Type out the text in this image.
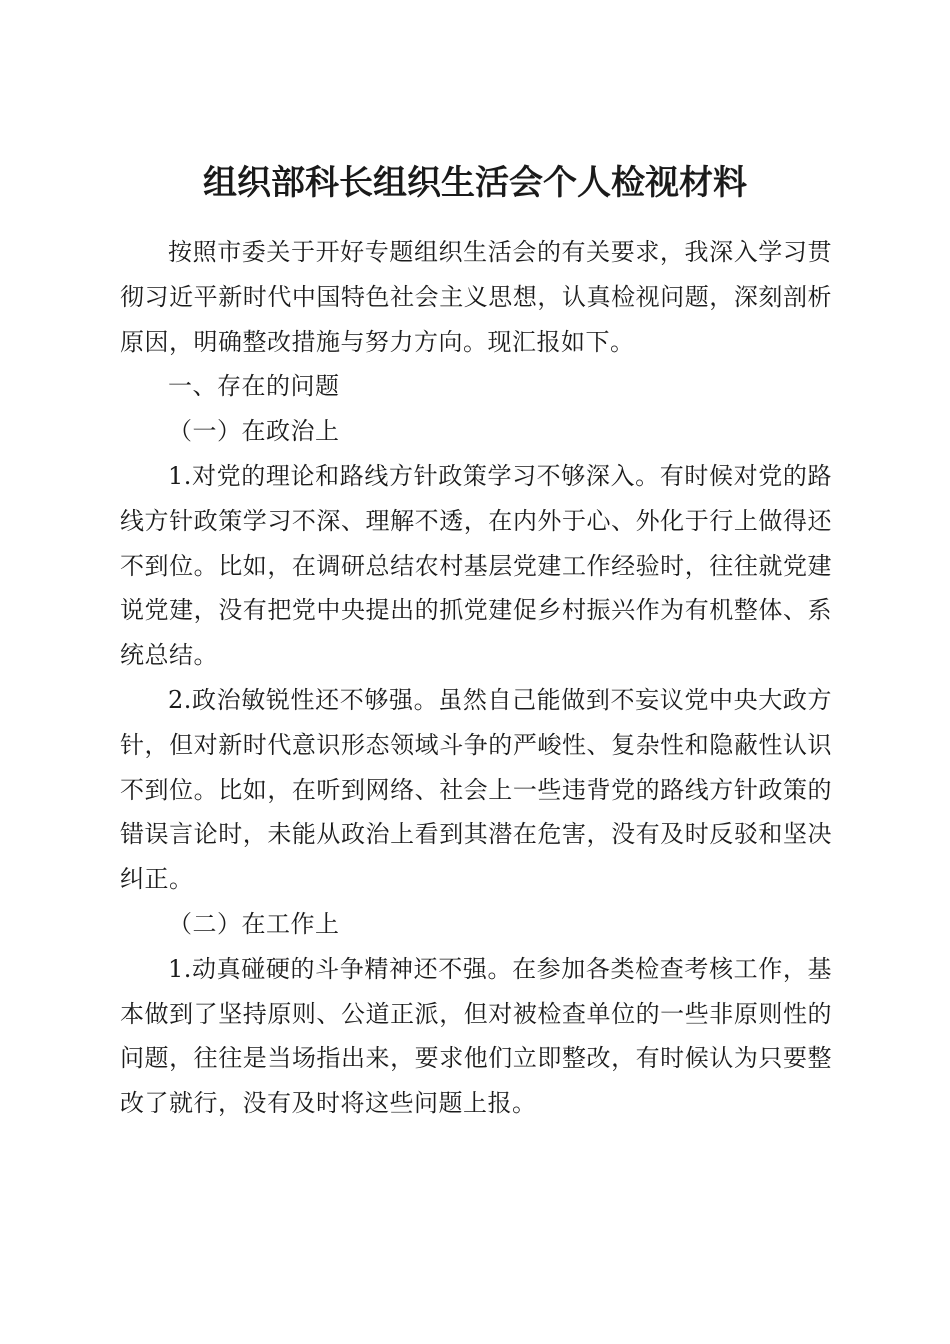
组织部科长组织生活会个人检视材料

按照市委关于开好专题组织生活会的有关要求，我深入学习贯彻习近平新时代中国特色社会主义思想，认真检视问题，深刻剖析原因，明确整改措施与努力方向。现汇报如下。

一、存在的问题

（一）在政治上

1.对党的理论和路线方针政策学习不够深入。有时候对党的路线方针政策学习不深、理解不透，在内外于心、外化于行上做得还不到位。比如，在调研总结农村基层党建工作经验时，往往就党建说党建，没有把党中央提出的抓党建促乡村振兴作为有机整体、系统总结。

2.政治敏锐性还不够强。虽然自己能做到不妄议党中央大政方针，但对新时代意识形态领域斗争的严峻性、复杂性和隐蔽性认识不到位。比如，在听到网络、社会上一些违背党的路线方针政策的错误言论时，未能从政治上看到其潜在危害，没有及时反驳和坚决纠正。

（二）在工作上

1.动真碰硬的斗争精神还不强。在参加各类检查考核工作，基本做到了坚持原则、公道正派，但对被检查单位的一些非原则性的问题，往往是当场指出来，要求他们立即整改，有时候认为只要整改了就行，没有及时将这些问题上报。
